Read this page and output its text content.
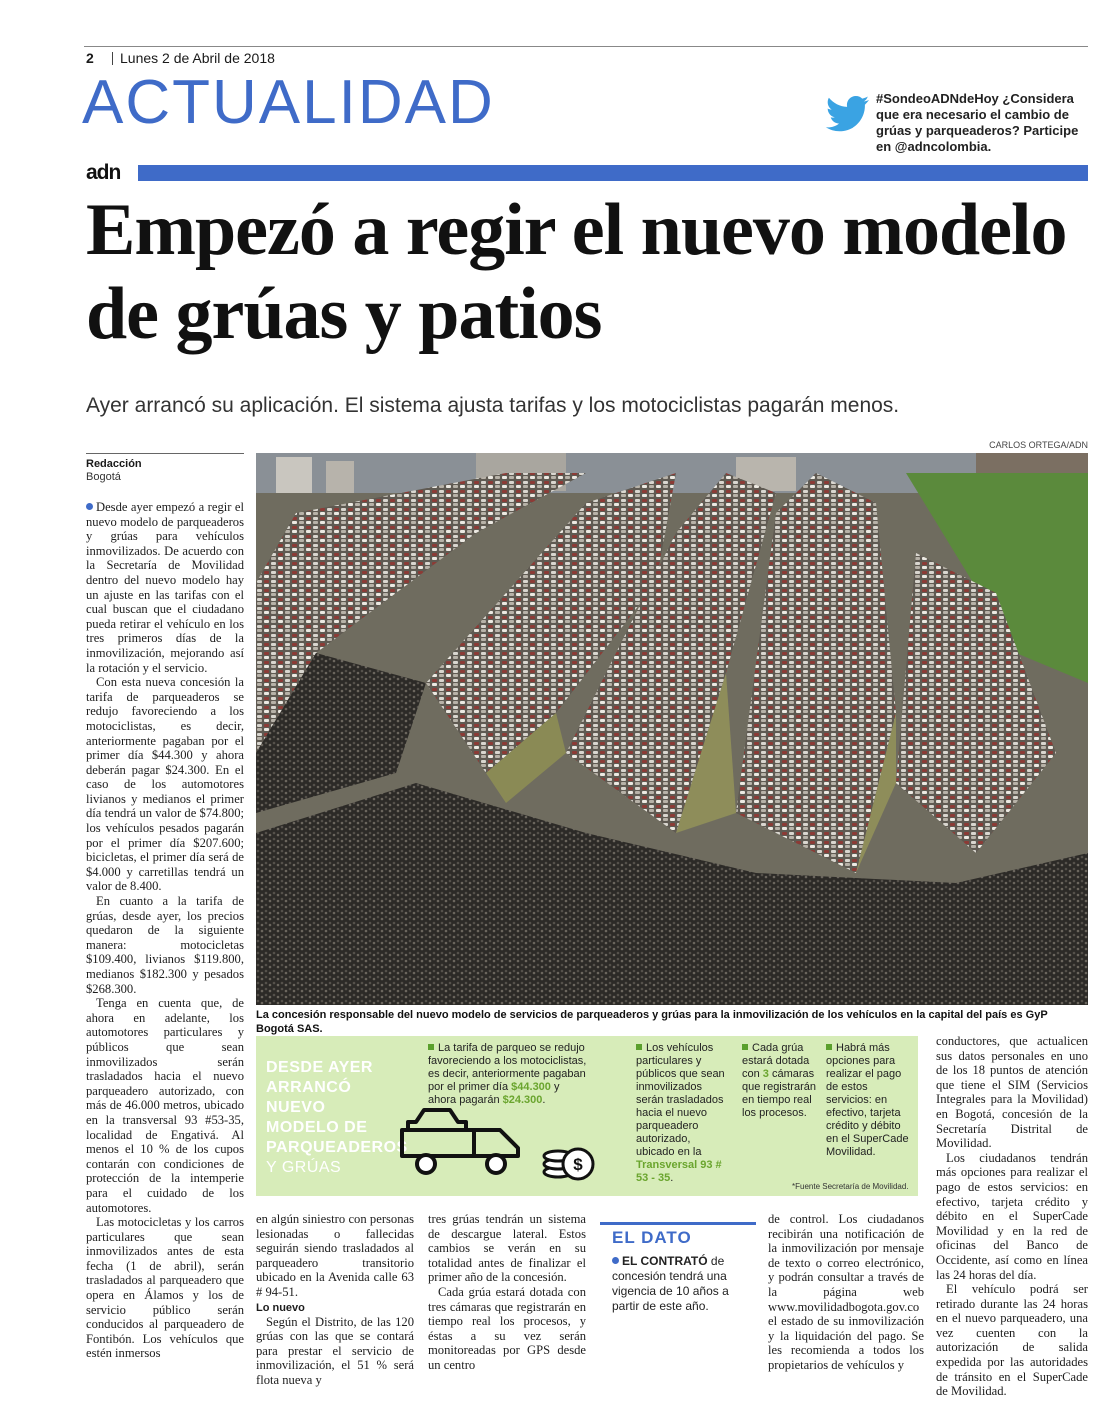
2 Lunes 2 de Abril de 2018
ACTUALIDAD	#SondeoADNdeHoy ¿Considera que era necesario el cambio de grúas y parqueaderos? Participe en @adncolombia.
adn
Empezó a regir el nuevo modelo de grúas y patios
Ayer arrancó su aplicación. El sistema ajusta tarifas y los motociclistas pagarán menos.
CARLOS ORTEGA/ADN
La concesión responsable del nuevo modelo de servicios de parqueaderos y grúas para la inmovilización de los vehículos en la capital del país es GyP Bogotá SAS.
Redacción
Bogotá

Desde ayer empezó a regir el nuevo modelo de parqueaderos y grúas para vehículos inmovilizados. De acuerdo con la Secretaría de Movilidad dentro del nuevo modelo hay un ajuste en las tarifas con el cual buscan que el ciudadano pueda retirar el vehículo en los tres primeros días de la inmovilización, mejorando así la rotación y el servicio.

Con esta nueva concesión la tarifa de parqueaderos se redujo favoreciendo a los motociclistas, es decir, anteriormente pagaban por el primer día $44.300 y ahora deberán pagar $24.300. En el caso de los automotores livianos y medianos el primer día tendrá un valor de $74.800; los vehículos pesados pagarán por el primer día $207.600; bicicletas, el primer día será de $4.000 y carretillas tendrá un valor de 8.400.

En cuanto a la tarifa de grúas, desde ayer, los precios quedaron de la siguiente manera: motocicletas $109.400, livianos $119.800, medianos $182.300 y pesados $268.300.

Tenga en cuenta que, de ahora en adelante, los automotores particulares y públicos que sean inmovilizados serán trasladados hacia el nuevo parqueadero autorizado, con más de 46.000 metros, ubicado en la transversal 93 #53-35, localidad de Engativá. Al menos el 10 % de los cupos contarán con condiciones de protección de la intemperie para el cuidado de los automotores.

Las motocicletas y los carros particulares que sean inmovilizados antes de esta fecha (1 de abril), serán trasladados al parqueadero que opera en Álamos y los de servicio público serán conducidos al parqueadero de Fontibón. Los vehículos que estén inmersos

DESDE AYER
ARRANCÓ
NUEVO
MODELO DE
PARQUEADEROS
Y GRÚAS	$
La tarifa de parqueo se redujo favoreciendo a los motociclistas, es decir, anteriormente pagaban por el primer día $44.300 y ahora pagarán $24.300.
Los vehículos particulares y públicos que sean inmovilizados serán trasladados hacia el nuevo parqueadero autorizado, ubicado en la Transversal 93 # 53 - 35.
Cada grúa estará dotada con 3 cámaras que registrarán en tiempo real los procesos.
Habrá más opciones para realizar el pago de estos servicios: en efectivo, tarjeta crédito y débito en el SuperCade Movilidad.
*Fuente Secretaría de Movilidad.

en algún siniestro con personas lesionadas o fallecidas seguirán siendo trasladados al parqueadero transitorio ubicado en la Avenida calle 63 # 94-51.

Lo nuevo

Según el Distrito, de las 120 grúas con las que se contará para prestar el servicio de inmovilización, el 51 % será flota nueva y

tres grúas tendrán un sistema de descargue lateral. Estos cambios se verán en su totalidad antes de finalizar el primer año de la concesión.

Cada grúa estará dotada con tres cámaras que registrarán en tiempo real los procesos, y éstas a su vez serán monitoreadas por GPS desde un centro

EL DATO
EL CONTRATÓ de concesión tendrá una vigencia de 10 años a partir de este año.

de control. Los ciudadanos recibirán una notificación de la inmovilización por mensaje de texto o correo electrónico, y podrán consultar a través de la página web www.movilidadbogota.gov.co el estado de su inmovilización y la liquidación del pago. Se les recomienda a todos los propietarios de vehículos y

conductores, que actualicen sus datos personales en uno de los 18 puntos de atención que tiene el SIM (Servicios Integrales para la Movilidad) en Bogotá, concesión de la Secretaría Distrital de Movilidad.

Los ciudadanos tendrán más opciones para realizar el pago de estos servicios: en efectivo, tarjeta crédito y débito en el SuperCade Movilidad y en la red de oficinas del Banco de Occidente, así como en línea las 24 horas del día.

El vehículo podrá ser retirado durante las 24 horas en el nuevo parqueadero, una vez cuenten con la autorización de salida expedida por las autoridades de tránsito en el SuperCade de Movilidad.
